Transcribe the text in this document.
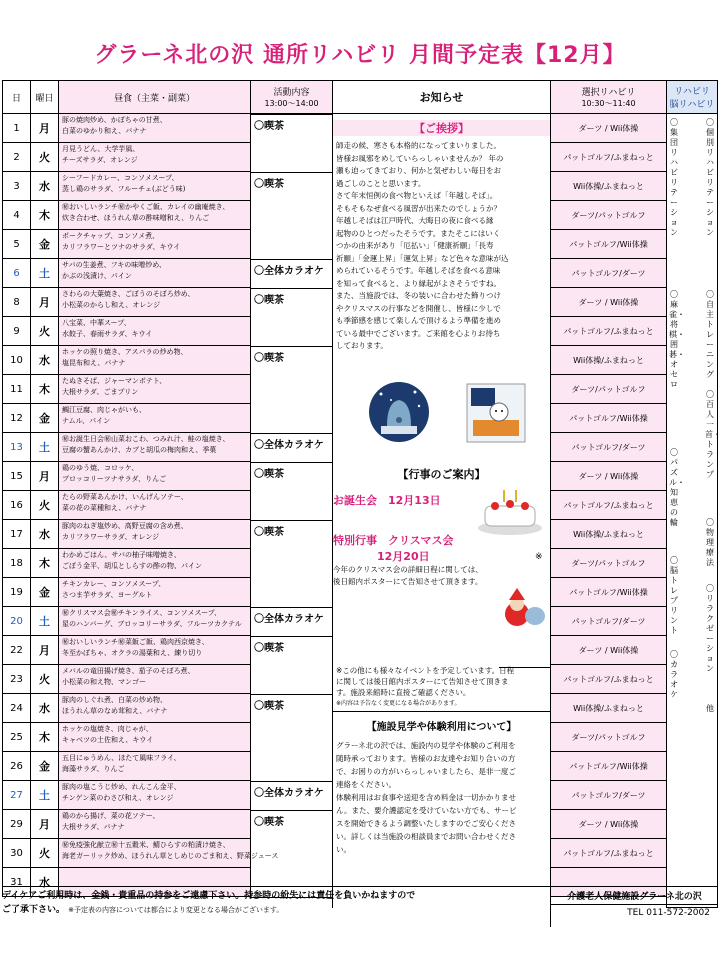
グラーネ北の沢 通所リハビリ 月間予定表【12月】
日	曜日	昼食（主菜・副菜）
活動内容
13:00～14:00	お知らせ	選択リハビリ
10:30～11:40
リハビリ
脳リハビリ
1	月
豚の焼肉炒め、かぼちゃの甘煮、
白菜のゆかり和え、バナナ	〇喫茶	ダーツ / Wii体操
2	火
月見うどん、大学芋風、
チーズサラダ、オレンジ	パットゴルフ/ふまねっと
3	水
シーフードカレー、コンソメスープ、
蒸し鶏のサラダ、フルーチェ(ぶどう味)	〇喫茶	Wii体操/ふまねっと
4	木
㊙おいしいランチ㊙かやくご飯、カレイの幽庵焼き、
炊き合わせ、ほうれん草の酢味噌和え、りんご	ダーツ/パットゴルフ
5	金
ポークチャップ、コンソメ煮、
カリフラワーとツナのサラダ、キウイ	パットゴルフ/Wii体操
6	土
サバの生姜煮、フキの味噌炒め、
かぶの浅漬け、パイン	〇全体カラオケ	パットゴルフ/ダーツ
8	月
さわらの大葉焼き、ごぼうのそぼろ炒め、
小松菜のからし和え、オレンジ	〇喫茶	ダーツ / Wii体操
9	火
八宝菜、中華スープ、
水餃子、春雨サラダ、キウイ	パットゴルフ/ふまねっと
10	水
ホッケの照り焼き、アスパラの炒め物、
塩昆布和え、バナナ	〇喫茶	Wii体操/ふまねっと
11	木
たぬきそば、ジャーマンポテト、
大根サラダ、ごまプリン	ダーツ/パットゴルフ
12	金
鯛江豆腐、肉じゃがいも、
ナムル、パイン	パットゴルフ/Wii体操
13	土
㊙お誕生日会㊙山菜おこわ、つみれ汁、鮭の塩焼き、
豆腐の蟹あんかけ、カブと胡瓜の梅肉和え、季菓	〇全体カラオケ	パットゴルフ/ダーツ
15	月
鶏のゆう焼、コロッケ、
ブロッコリーツナサラダ、りんご	〇喫茶	ダーツ / Wii体操
16	火
たらの野菜あんかけ、いんげんソテー、
菜の花の菜種和え、バナナ	パットゴルフ/ふまねっと
17	水
豚肉のねぎ塩炒め、高野豆腐の含め煮、
カリフラワーサラダ、オレンジ	〇喫茶	Wii体操/ふまねっと
18	木
わかめごはん、サバの柚子味噌焼き、
ごぼう金平、胡瓜としらすの酢の物、パイン	ダーツ/パットゴルフ
19	金
チキンカレー、コンソメスープ、
さつま芋サラダ、ヨーグルト	パットゴルフ/Wii体操
20	土
㊙クリスマス会㊙チキンライス、コンソメスープ、
星のハンバーグ、ブロッコリーサラダ、フルーツカクテル	〇全体カラオケ	パットゴルフ/ダーツ
22	月
㊙おいしいランチ㊙菜飯ご飯、鶏肉西京焼き、
冬至かぼちゃ、オクラの湯葉和え、練り切り	〇喫茶	ダーツ / Wii体操
23	火
メバルの竜田揚げ焼き、茄子のそぼろ煮、
小松菜の和え物、マンゴー	パットゴルフ/ふまねっと
24	水
豚肉のしぐれ煮、白菜の炒め物、
ほうれん草のなめ茸和え、バナナ	〇喫茶	Wii体操/ふまねっと
25	木
ホッケの塩焼き、肉じゃが、
キャベツの土佐和え、キウイ	ダーツ/パットゴルフ
26	金
五目にゅうめん、ほたて風味フライ、
海藻サラダ、りんご	パットゴルフ/Wii体操
27	土
豚肉の塩こうじ炒め、れんこん金平、
チンゲン菜のわさび和え、オレンジ	〇全体カラオケ	パットゴルフ/ダーツ
29	月
鶏のから揚げ、菜の花ソテー、
大根サラダ、バナナ	〇喫茶	ダーツ / Wii体操
30	火
㊙免疫強化献立㊙十五穀米、鯖ひらすの粕漬け焼き、
海老ガーリック炒め、ほうれん草としめじのごま和え、野菜ジュース	パットゴルフ/ふまねっと
31	水
【ご挨拶】
師走の候、寒さも本格的になってまいりました。
皆様お風邪をめしていらっしゃいませんか？ 年の
瀬も迫ってきており、何かと気ぜわしい毎日をお
過ごしのことと思います。
さて年末恒例の食べ物といえば「年越しそば」。
そもそもなぜ食べる風習が出来たのでしょうか？
年越しそばは江戸時代、大晦日の夜に食べる縁
起物のひとつだったそうです。またそこにはいく
つかの由来があり「厄払い」「健康祈願」「長寿
祈願」「金運上昇」「運気上昇」など色々な意味が込
められているそうです。年越しそばを食べる意味
を知って食べると、より縁起がよさそうですね。
また、当施設では、冬の装いに合わせた飾りつけ
やクリスマスの行事などを開催し、皆様に少しで
も季節感を感じて楽しんで頂けるよう準備を進め
ている最中でございます。ご来館を心よりお待ち
しております。
【行事のご案内】
お誕生会　12月13日
特別行事　クリスマス会
12月20日	※
今年のクリスマス会の詳細日程に関しては、
後日館内ポスターにて告知させて頂きます。
※この他にも様々なイベントを予定しています。日程
に関しては後日館内ポスターにて告知させて頂きま
す。施設来館時に直接ご確認ください。
※内容は予告なく変更になる場合があります。
【施設見学や体験利用について】
グラーネ北の沢では、施設内の見学や体験のご利用を
随時承っております。皆様のお友達やお知り合いの方
で、お困りの方がいらっしゃいましたら、是非一度ご
連絡をください。
体験利用はお食事や送迎を含め料金は一切かかりませ
ん。また、要介護認定を受けていない方でも、サービ
スを開始できるよう調整いたしますのでご安心くださ
い。詳しくは当施設の相談員までお問い合わせくださ
い。
〇集団リハビリテーション
〇個別リハビリテーション
〇麻雀・将棋・囲碁・オセロ
〇自主トレーニング
〇パズル・知恵の輪
〇百人一首・トランプ
〇脳トレプリント
〇物理療法
〇カラオケ
〇リラクゼーション
他
デイケアご利用時は、金銭・貴重品の持参をご遠慮下さい。持参時の紛失には責任を負いかねますので
ご了承下さい。 ※予定表の内容については都合により変更となる場合がございます。
介護老人保健施設グラーネ北の沢
TEL 011-572-2002
